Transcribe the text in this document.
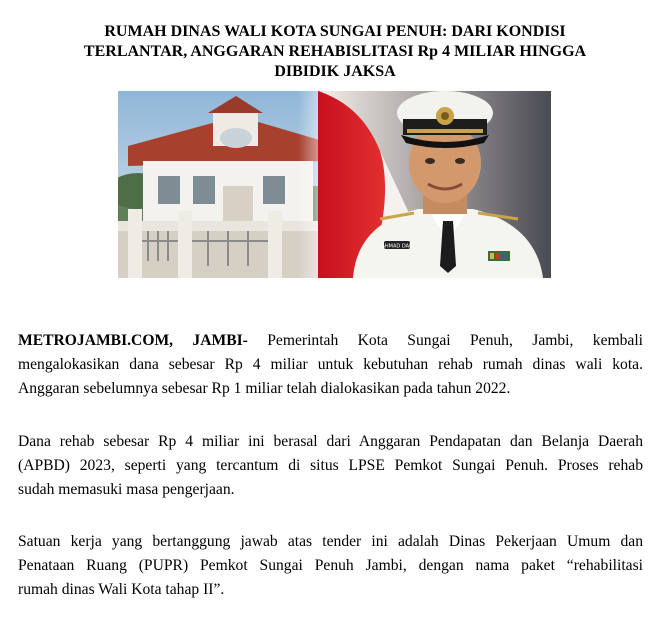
RUMAH DINAS WALI KOTA SUNGAI PENUH: DARI KONDISI
TERLANTAR, ANGGARAN REHABISLITASI Rp 4 MILIAR HINGGA
DIBIDIK JAKSA
AHMAD DAR
METROJAMBI.COM, JAMBI- Pemerintah Kota Sungai Penuh, Jambi, kembali
mengalokasikan dana sebesar Rp 4 miliar untuk kebutuhan rehab rumah dinas wali kota.
Anggaran sebelumnya sebesar Rp 1 miliar telah dialokasikan pada tahun 2022.
Dana rehab sebesar Rp 4 miliar ini berasal dari Anggaran Pendapatan dan Belanja Daerah
(APBD) 2023, seperti yang tercantum di situs LPSE Pemkot Sungai Penuh. Proses rehab
sudah memasuki masa pengerjaan.
Satuan kerja yang bertanggung jawab atas tender ini adalah Dinas Pekerjaan Umum dan
Penataan Ruang (PUPR) Pemkot Sungai Penuh Jambi, dengan nama paket “rehabilitasi
rumah dinas Wali Kota tahap II”.
